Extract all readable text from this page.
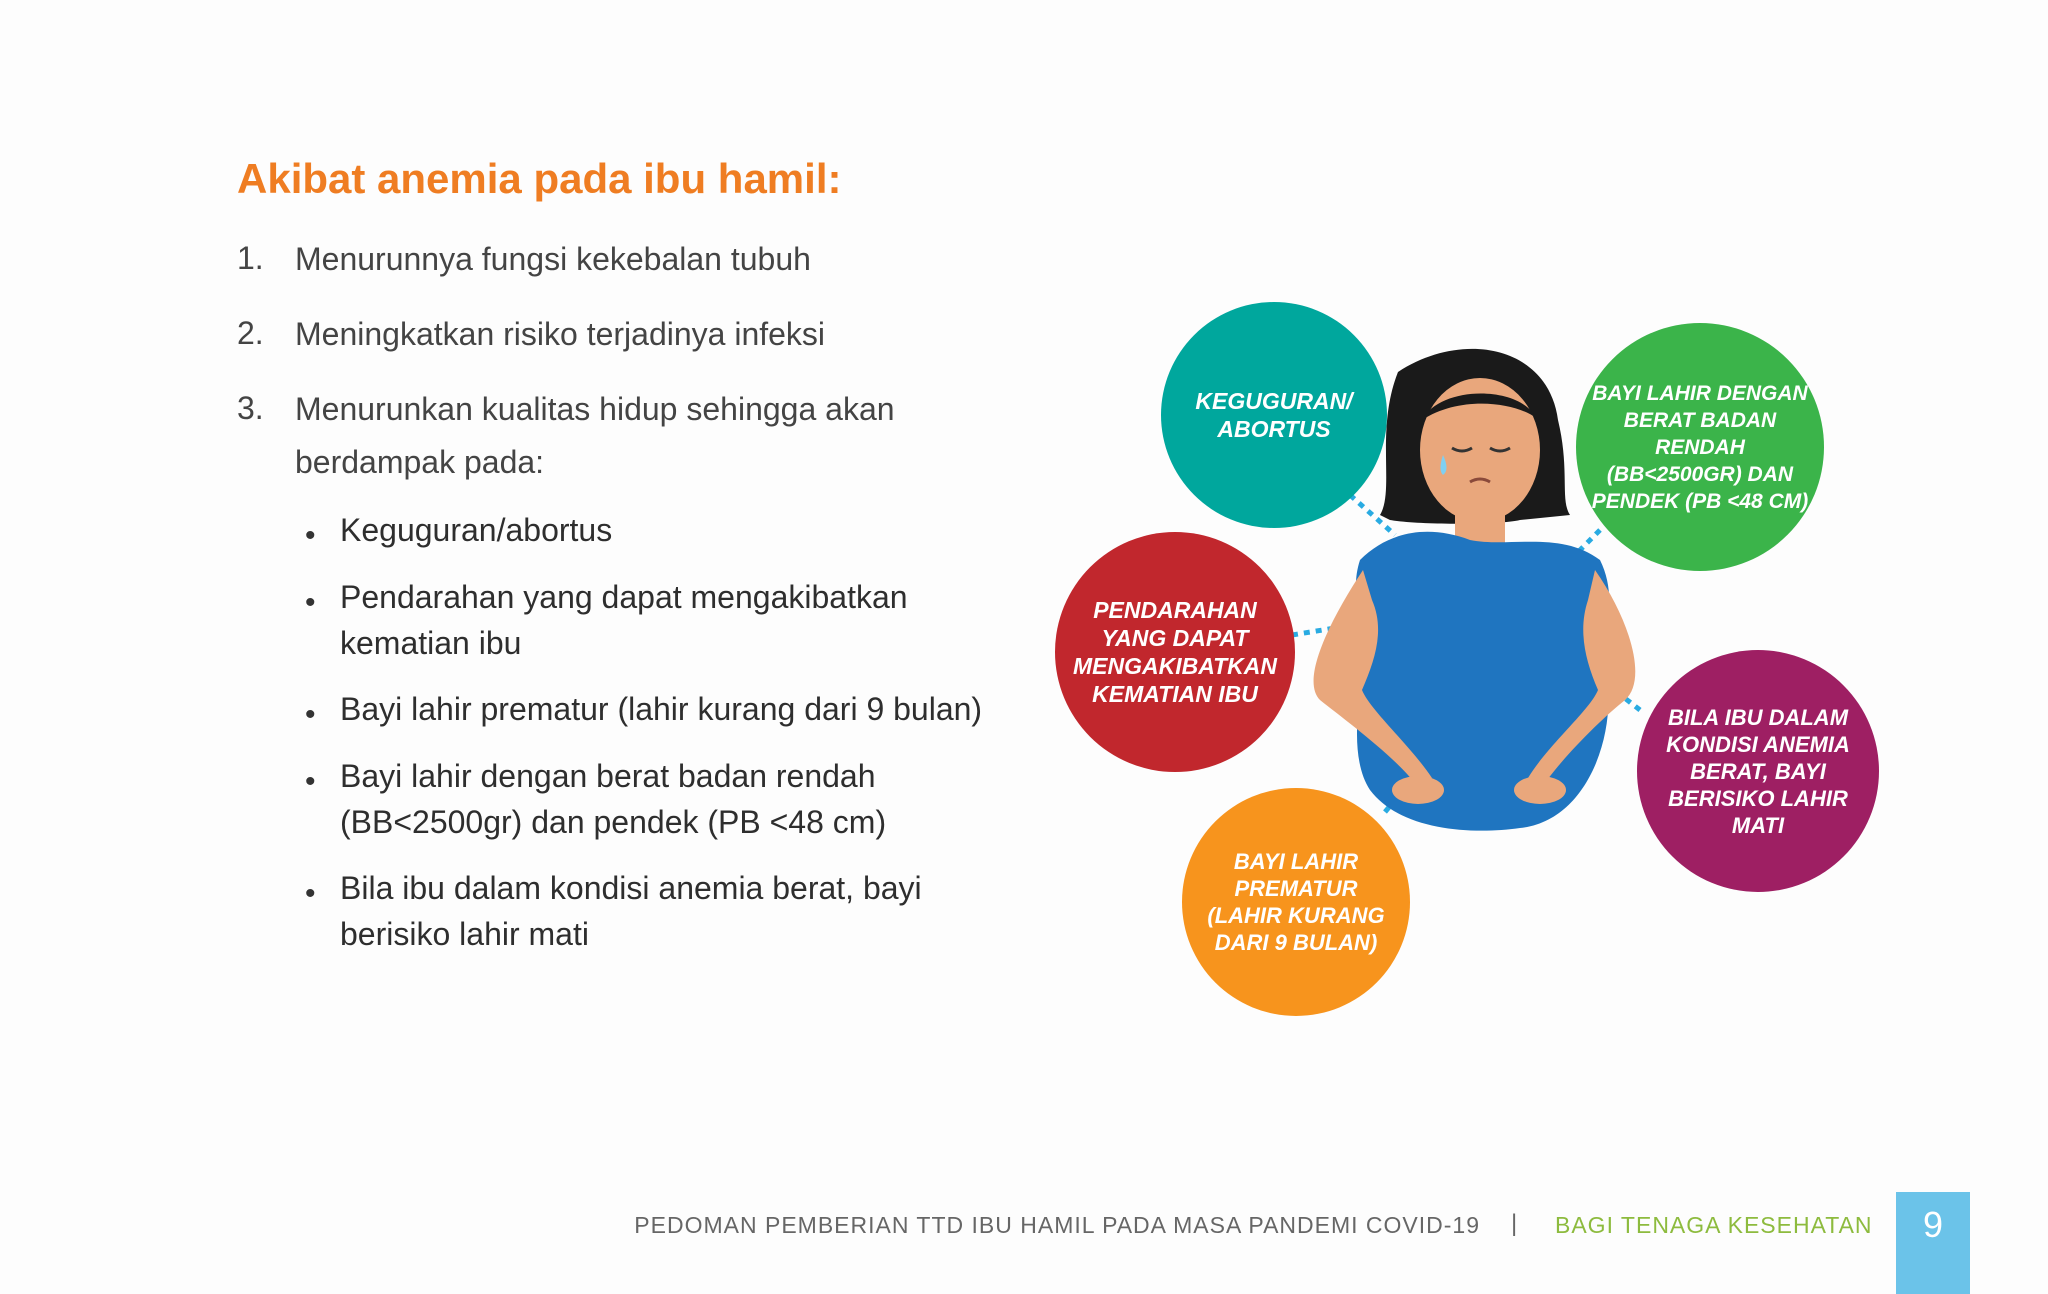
Akibat anemia pada ibu hamil:
1. Menurunnya fungsi kekebalan tubuh
2. Meningkatkan risiko terjadinya infeksi
3. Menurunkan kualitas hidup sehingga akan berdampak pada:
• Keguguran/abortus
• Pendarahan yang dapat mengakibatkan kematian ibu
• Bayi lahir prematur (lahir kurang dari 9 bulan)
• Bayi lahir dengan berat badan rendah (BB<2500gr) dan pendek (PB <48 cm)
• Bila ibu dalam kondisi anemia berat, bayi berisiko lahir mati
KEGUGURAN/ ABORTUS
BAYI LAHIR DENGAN BERAT BADAN RENDAH (BB<2500GR) DAN PENDEK (PB <48 CM)
PENDARAHAN YANG DAPAT MENGAKIBATKAN KEMATIAN IBU
BILA IBU DALAM KONDISI ANEMIA BERAT, BAYI BERISIKO LAHIR MATI
BAYI LAHIR PREMATUR (LAHIR KURANG DARI 9 BULAN)
PEDOMAN PEMBERIAN TTD IBU HAMIL PADA MASA PANDEMI COVID-19 | BAGI TENAGA KESEHATAN	9
